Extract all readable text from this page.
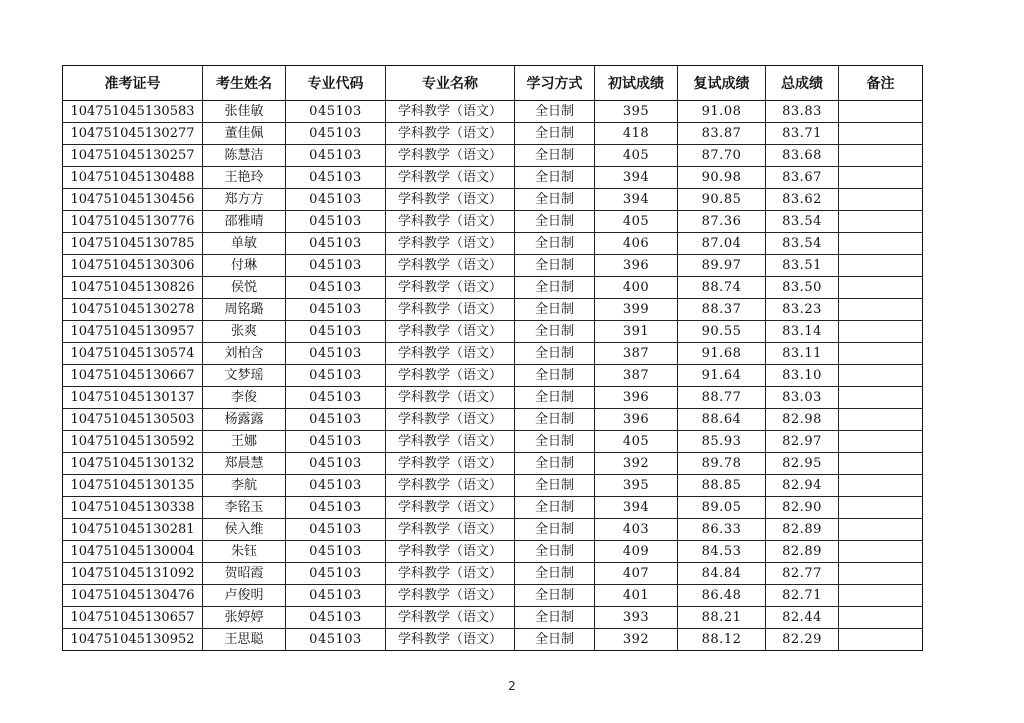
准考证号	考生姓名	专业代码	专业名称	学习方式	初试成绩	复试成绩	总成绩	备注
104751045130583	张佳敏	045103	学科教学（语文）	全日制	395	91.08	83.83	
104751045130277	董佳佩	045103	学科教学（语文）	全日制	418	83.87	83.71	
104751045130257	陈慧洁	045103	学科教学（语文）	全日制	405	87.70	83.68	
104751045130488	王艳玲	045103	学科教学（语文）	全日制	394	90.98	83.67	
104751045130456	郑方方	045103	学科教学（语文）	全日制	394	90.85	83.62	
104751045130776	邵雅晴	045103	学科教学（语文）	全日制	405	87.36	83.54	
104751045130785	单敏	045103	学科教学（语文）	全日制	406	87.04	83.54	
104751045130306	付琳	045103	学科教学（语文）	全日制	396	89.97	83.51	
104751045130826	侯悦	045103	学科教学（语文）	全日制	400	88.74	83.50	
104751045130278	周铭璐	045103	学科教学（语文）	全日制	399	88.37	83.23	
104751045130957	张爽	045103	学科教学（语文）	全日制	391	90.55	83.14	
104751045130574	刘柏含	045103	学科教学（语文）	全日制	387	91.68	83.11	
104751045130667	文梦瑶	045103	学科教学（语文）	全日制	387	91.64	83.10	
104751045130137	李俊	045103	学科教学（语文）	全日制	396	88.77	83.03	
104751045130503	杨露露	045103	学科教学（语文）	全日制	396	88.64	82.98	
104751045130592	王娜	045103	学科教学（语文）	全日制	405	85.93	82.97	
104751045130132	郑晨慧	045103	学科教学（语文）	全日制	392	89.78	82.95	
104751045130135	李航	045103	学科教学（语文）	全日制	395	88.85	82.94	
104751045130338	李铭玉	045103	学科教学（语文）	全日制	394	89.05	82.90	
104751045130281	侯入维	045103	学科教学（语文）	全日制	403	86.33	82.89	
104751045130004	朱钰	045103	学科教学（语文）	全日制	409	84.53	82.89	
104751045131092	贺昭霞	045103	学科教学（语文）	全日制	407	84.84	82.77	
104751045130476	卢俊明	045103	学科教学（语文）	全日制	401	86.48	82.71	
104751045130657	张婷婷	045103	学科教学（语文）	全日制	393	88.21	82.44	
104751045130952	王思聪	045103	学科教学（语文）	全日制	392	88.12	82.29	
2
